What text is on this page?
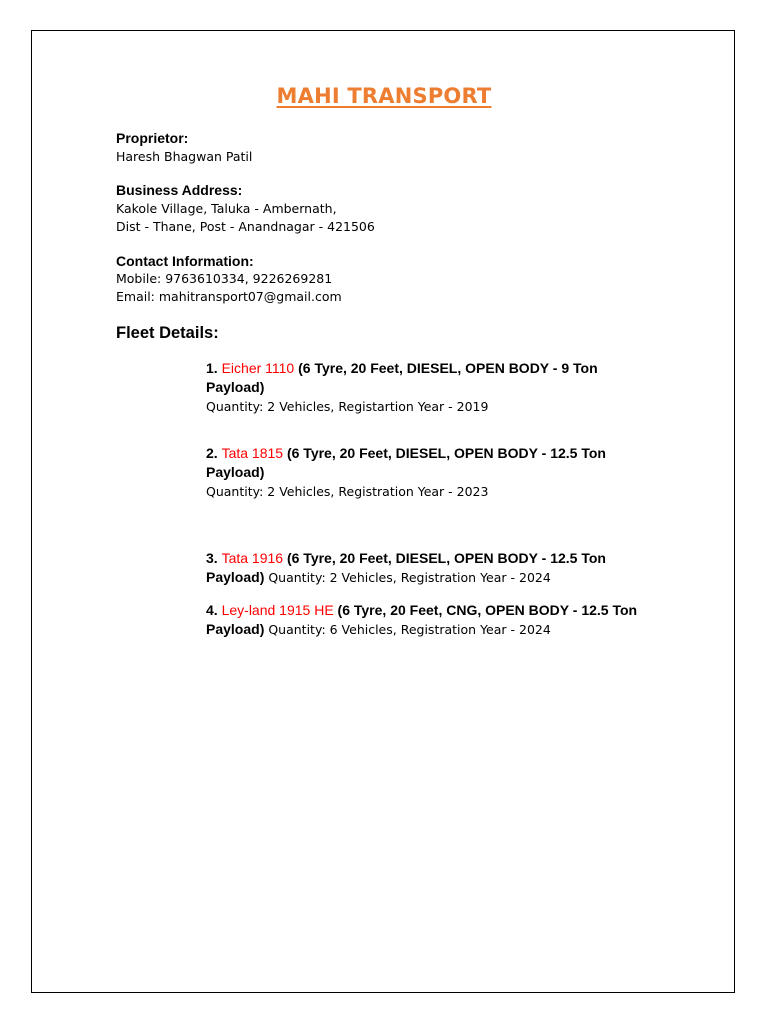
MAHI TRANSPORT
Proprietor:
Haresh Bhagwan Patil
Business Address:
Kakole Village, Taluka - Ambernath,
Dist - Thane, Post - Anandnagar - 421506
Contact Information:
Mobile: 9763610334, 9226269281
Email: mahitransport07@gmail.com
Fleet Details:
1. Eicher 1110 (6 Tyre, 20 Feet, DIESEL, OPEN BODY - 9 Ton Payload)
Quantity: 2 Vehicles, Registartion Year - 2019
2. Tata 1815 (6 Tyre, 20 Feet, DIESEL, OPEN BODY - 12.5 Ton Payload)
Quantity: 2 Vehicles, Registration Year - 2023
3. Tata 1916 (6 Tyre, 20 Feet, DIESEL, OPEN BODY - 12.5 Ton Payload) Quantity: 2 Vehicles, Registration Year - 2024
4. Ley-land 1915 HE (6 Tyre, 20 Feet, CNG, OPEN BODY - 12.5 Ton Payload) Quantity: 6 Vehicles, Registration Year - 2024
